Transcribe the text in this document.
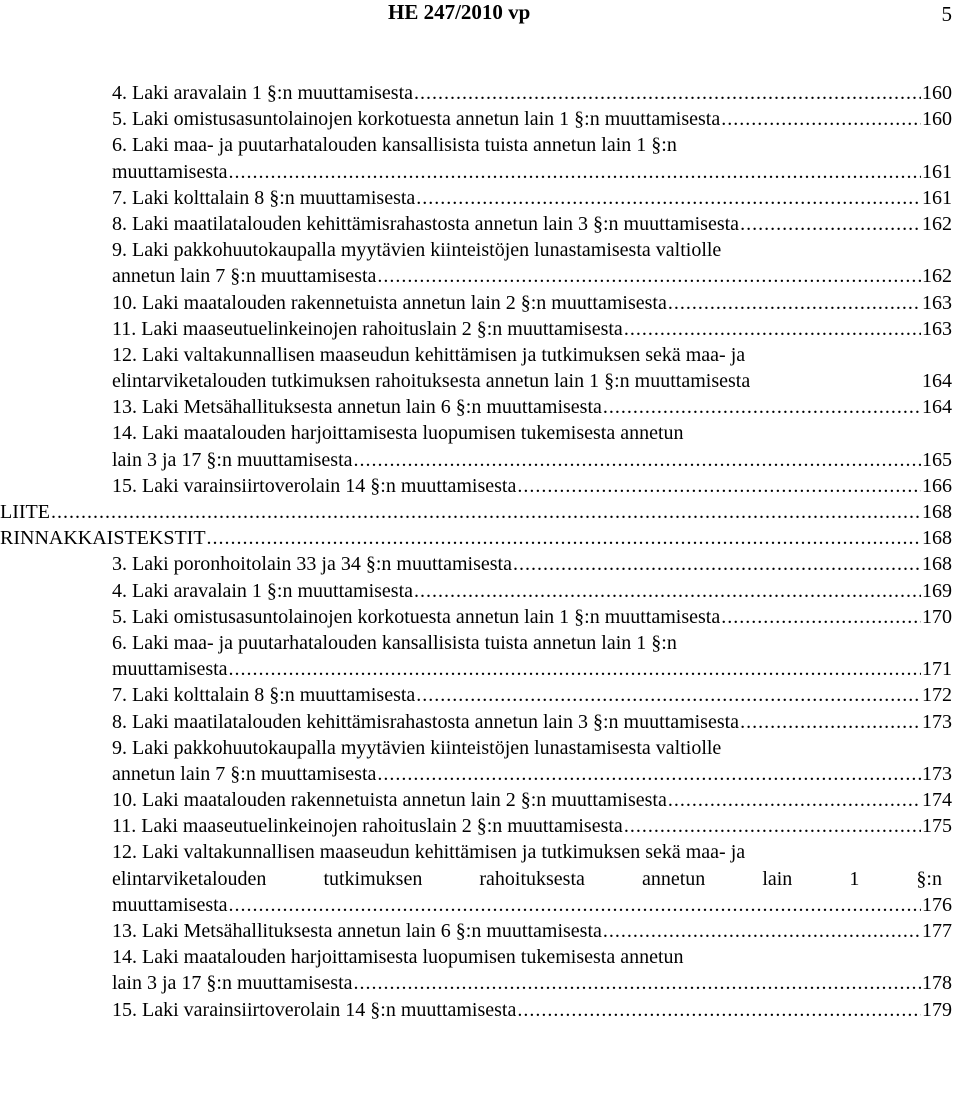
HE 247/2010 vp	5
4. Laki aravalain 1 §:n muuttamisesta .....	160
5. Laki omistusasuntolainojen korkotuesta annetun lain 1 §:n muuttamisesta .....	160
6. Laki maa- ja puutarhatalouden kansallisista tuista annetun lain 1 §:n
muuttamisesta .....	161
7. Laki kolttalain 8 §:n muuttamisesta .....	161
8. Laki maatilatalouden kehittämisrahastosta annetun lain 3 §:n muuttamisesta .....	162
9. Laki pakkohuutokaupalla myytävien kiinteistöjen lunastamisesta valtiolle
annetun lain 7 §:n muuttamisesta .....	162
10. Laki maatalouden rakennetuista annetun lain 2 §:n muuttamisesta .....	163
11. Laki maaseutuelinkeinojen rahoituslain 2 §:n muuttamisesta .....	163
12. Laki valtakunnallisen maaseudun kehittämisen ja tutkimuksen sekä maa- ja
elintarviketalouden tutkimuksen rahoituksesta annetun lain 1 §:n muuttamisesta	164
13. Laki Metsähallituksesta annetun lain 6 §:n muuttamisesta .....	164
14. Laki maatalouden harjoittamisesta luopumisen tukemisesta annetun
lain 3 ja 17 §:n muuttamisesta .....	165
15. Laki varainsiirtoverolain 14 §:n muuttamisesta .....	166
LIITE .....	168
RINNAKKAISTEKSTIT .....	168
3. Laki poronhoitolain 33 ja 34 §:n muuttamisesta .....	168
4. Laki aravalain 1 §:n muuttamisesta .....	169
5. Laki omistusasuntolainojen korkotuesta annetun lain 1 §:n muuttamisesta .....	170
6. Laki maa- ja puutarhatalouden kansallisista tuista annetun lain 1 §:n
muuttamisesta .....	171
7. Laki kolttalain 8 §:n muuttamisesta .....	172
8. Laki maatilatalouden kehittämisrahastosta annetun lain 3 §:n muuttamisesta .....	173
9. Laki pakkohuutokaupalla myytävien kiinteistöjen lunastamisesta valtiolle
annetun lain 7 §:n muuttamisesta .....	173
10. Laki maatalouden rakennetuista annetun lain 2 §:n muuttamisesta .....	174
11. Laki maaseutuelinkeinojen rahoituslain 2 §:n muuttamisesta .....	175
12. Laki valtakunnallisen maaseudun kehittämisen ja tutkimuksen sekä maa- ja
elintarviketalouden	tutkimuksen	rahoituksesta	annetun	lain	1	§:n
muuttamisesta .....	176
13. Laki Metsähallituksesta annetun lain 6 §:n muuttamisesta .....	177
14. Laki maatalouden harjoittamisesta luopumisen tukemisesta annetun
lain 3 ja 17 §:n muuttamisesta .....	178
15. Laki varainsiirtoverolain 14 §:n muuttamisesta .....	179
